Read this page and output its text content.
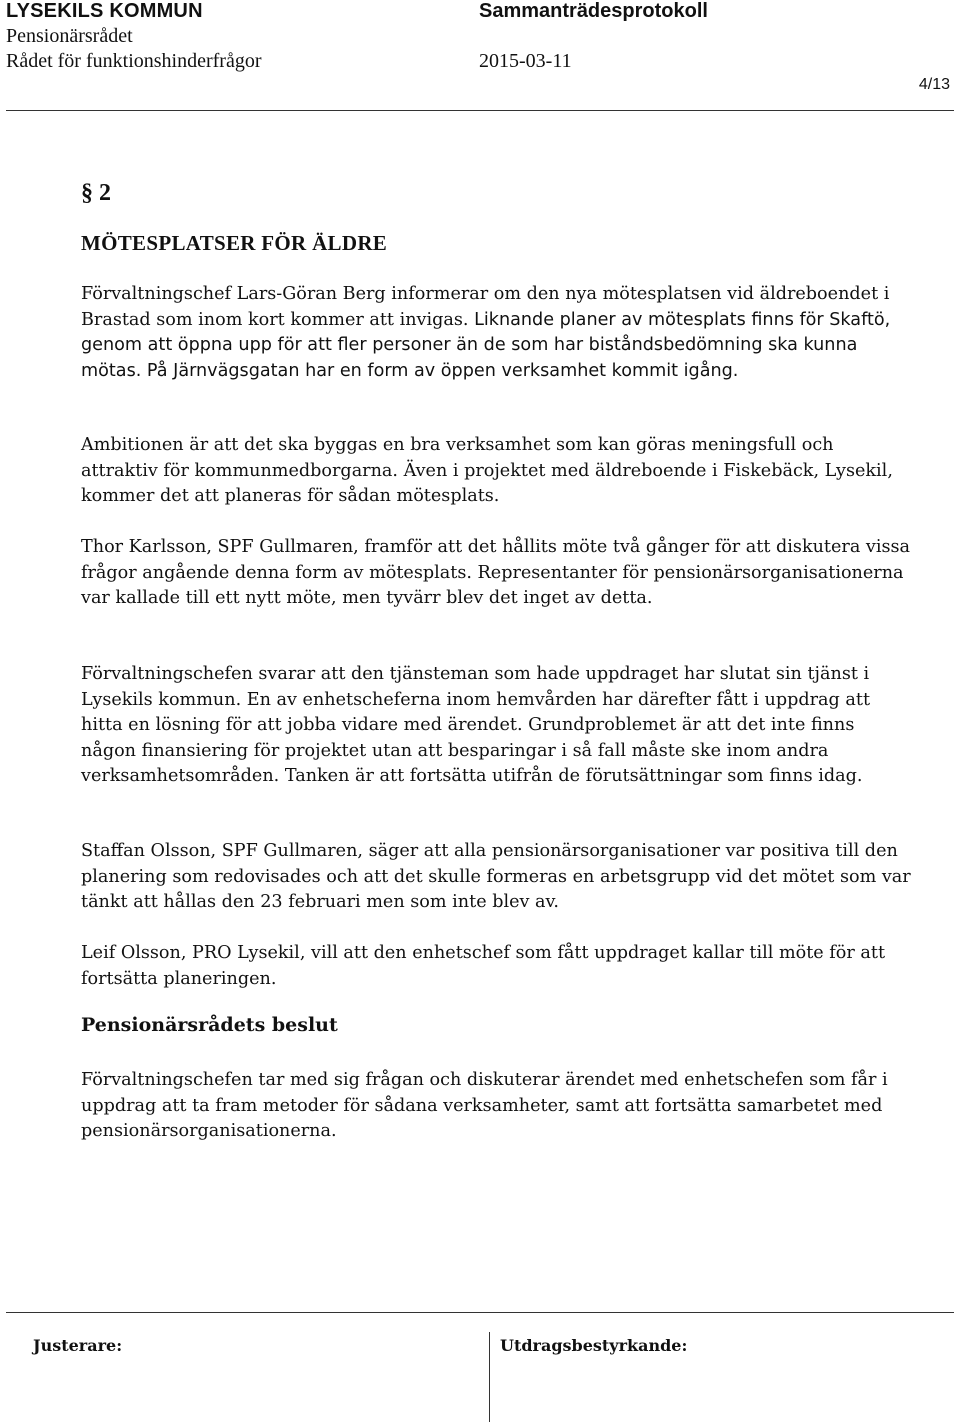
LYSEKILS KOMMUN	Sammanträdesprotokoll
Pensionärsrådet
Rådet för funktionshinderfrågor	2015-03-11
4/13
§ 2
MÖTESPLATSER FÖR ÄLDRE

Förvaltningschef Lars-Göran Berg informerar om den nya mötesplatsen vid äldreboendet i Brastad som inom kort kommer att invigas. Liknande planer av mötesplats finns för Skaftö, genom att öppna upp för att fler personer än de som har biståndsbedömning ska kunna mötas. På Järnvägsgatan har en form av öppen verksamhet kommit igång.

Ambitionen är att det ska byggas en bra verksamhet som kan göras meningsfull och attraktiv för kommunmedborgarna. Även i projektet med äldreboende i Fiskebäck, Lysekil, kommer det att planeras för sådan mötesplats.

Thor Karlsson, SPF Gullmaren, framför att det hållits möte två gånger för att diskutera vissa frågor angående denna form av mötesplats. Representanter för pensionärsorganisationerna var kallade till ett nytt möte, men tyvärr blev det inget av detta.

Förvaltningschefen svarar att den tjänsteman som hade uppdraget har slutat sin tjänst i Lysekils kommun. En av enhetscheferna inom hemvården har därefter fått i uppdrag att hitta en lösning för att jobba vidare med ärendet. Grundproblemet är att det inte finns någon finansiering för projektet utan att besparingar i så fall måste ske inom andra verksamhetsområden. Tanken är att fortsätta utifrån de förutsättningar som finns idag.

Staffan Olsson, SPF Gullmaren, säger att alla pensionärsorganisationer var positiva till den planering som redovisades och att det skulle formeras en arbetsgrupp vid det mötet som var tänkt att hållas den 23 februari men som inte blev av.

Leif Olsson, PRO Lysekil, vill att den enhetschef som fått uppdraget kallar till möte för att fortsätta planeringen.

Pensionärsrådets beslut

Förvaltningschefen tar med sig frågan och diskuterar ärendet med enhetschefen som får i uppdrag att ta fram metoder för sådana verksamheter, samt att fortsätta samarbetet med pensionärsorganisationerna.

Justerare:	Utdragsbestyrkande:
